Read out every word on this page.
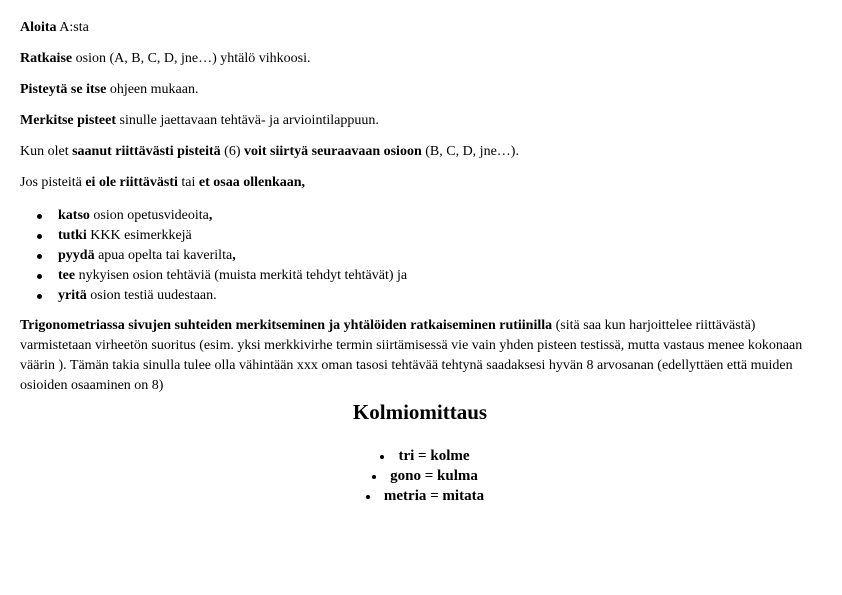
Aloita A:sta

Ratkaise osion (A, B, C, D, jne…) yhtälö vihkoosi.

Pisteytä se itse ohjeen mukaan.

Merkitse pisteet sinulle jaettavaan tehtävä- ja arviointilappuun.

Kun olet saanut riittävästi pisteitä (6) voit siirtyä seuraavaan osioon (B, C, D, jne…).

Jos pisteitä ei ole riittävästi tai et osaa ollenkaan,

katso osion opetusvideoita,
tutki KKK esimerkkejä
pyydä apua opelta tai kaverilta,
tee nykyisen osion tehtäviä (muista merkitä tehdyt tehtävät) ja
yritä osion testiä uudestaan.

Trigonometriassa sivujen suhteiden merkitseminen ja yhtälöiden ratkaiseminen rutiinilla (sitä saa kun harjoittelee riittävästä) varmistetaan virheetön suoritus (esim. yksi merkkivirhe termin siirtämisessä vie vain yhden pisteen testissä, mutta vastaus menee kokonaan väärin ). Tämän takia sinulla tulee olla vähintään xxx oman tasosi tehtävää tehtynä saadaksesi hyvän 8 arvosanan (edellyttäen että muiden osioiden osaaminen on 8)

Kolmiomittaus
tri = kolme
gono = kulma
metria = mitata
